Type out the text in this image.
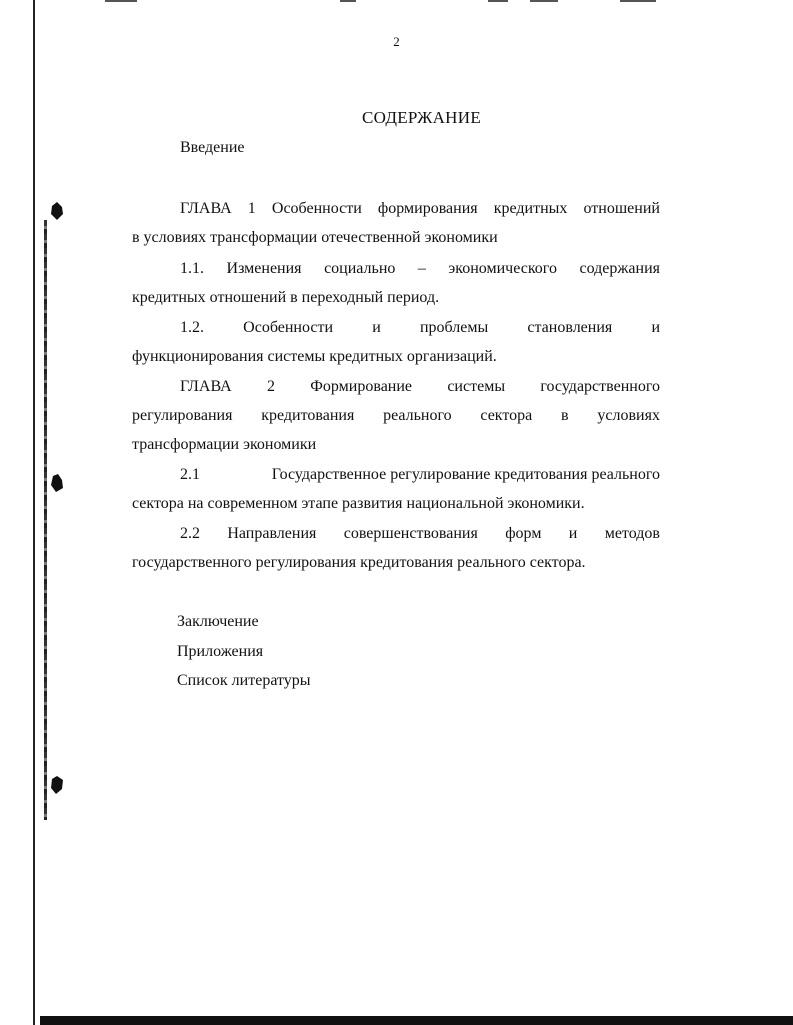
2
СОДЕРЖАНИЕ
Введение
ГЛАВА 1 Особенности формирования кредитных отношений
в условиях трансформации отечественной экономики
1.1. Изменения социально – экономического содержания
кредитных отношений в переходный период.
1.2. Особенности и проблемы становления и
функционирования системы кредитных организаций.
ГЛАВА 2 Формирование системы государственного
регулирования кредитования реального сектора в условиях
трансформации экономики
2.1	Государственное регулирование кредитования реального
сектора на современном этапе развития национальной экономики.
2.2 Направления совершенствования форм и методов
государственного регулирования кредитования реального сектора.
Заключение
Приложения
Список литературы
